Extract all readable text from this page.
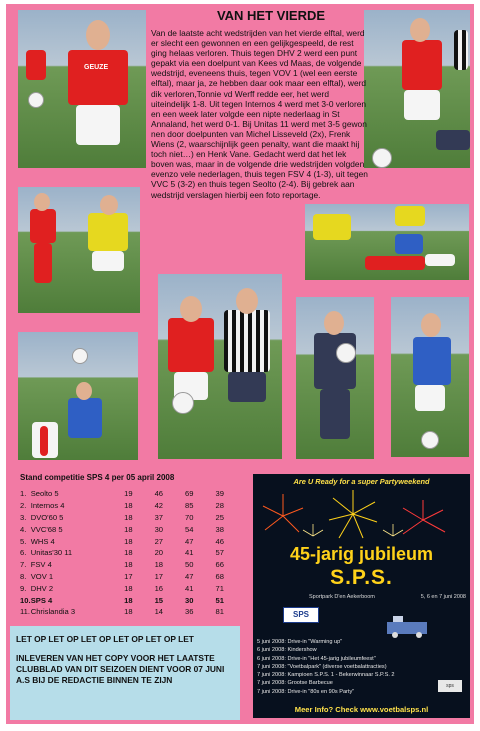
GEUZE
VAN HET VIERDE

Van de laatste acht wedstrijden van het vierde elftal, werd er slecht een gewonnen en een gelijkgespeeld, de rest ging helaas verloren. Thuis tegen DHV 2 werd een punt gepakt via een doelpunt van Kees vd Maas, de volgende wedstrijd, eveneens thuis, tegen VOV 1 (wel een eerste elftal), maar ja, ze hebben daar ook maar een elftal), werd dik verloren,Tonnie vd Werff redde eer, het werd uiteindelijk 1-8. Uit tegen Internos 4 werd met 3-0 verloren en een week later volgde een nipte nederlaag in St Annaland, het werd 0-1. Bij Unitas 11 werd met 3-5 gewon nen door doelpunten van Michel Lisseveld (2x), Frenk Wiens (2, waarschijnlijk geen penalty, want die maakt hij toch niet…) en Henk Vane. Gedacht werd dat het lek boven was, maar in de volgende drie wedstrijden volgden evenzo vele nederlagen, thuis tegen FSV 4 (1-3), uit tegen VVC 5 (3-2) en thuis tegen Seolto (2-4). Bij gebrek aan wedstrijd verslagen hierbij een foto reportage.

Stand competitie SPS 4 per 05 april 2008
1.	Seolto 5	19	46	69	39
2.	Internos 4	18	42	85	28
3.	DVO'60 5	18	37	70	25
4.	VVC'68 5	18	30	54	38
5.	WHS 4	18	27	47	46
6.	Unitas'30 11	18	20	41	57
7.	FSV 4	18	18	50	66
8.	VOV 1	17	17	47	68
9.	DHV 2	18	16	41	71
10.	SPS 4	18	15	30	51
11.	Chrislandia 3	18	14	36	81
LET OP LET OP LET OP LET OP LET OP LET
INLEVEREN VAN HET COPY VOOR HET LAATSTE CLUBBLAD VAN DIT SEIZOEN DIENT VOOR 07 JUNI A.S BIJ DE REDACTIE BINNEN TE ZIJN
Are U Ready for a super Partyweekend
45-jarig jubileum
S.P.S.
Sportpark D'en Aekerboom	5, 6 en 7 juni 2008
SPS
5 juni 2008: Drive-in "Warming up"
6 juni 2008: Kindershow
6 juni 2008: Drive-in "Het 45-jarig jubileumfeest"
7 juni 2008: "Voetbalpark" (diverse voetbalattracties)
7 juni 2008: Kampioen S.P.S. 1 - Bekerwinnaar S.P.S. 2
7 juni 2008: Grootse Barbecue
7 juni 2008: Drive-in "80s en 90s Party"
sps
Meer Info? Check www.voetbalsps.nl
